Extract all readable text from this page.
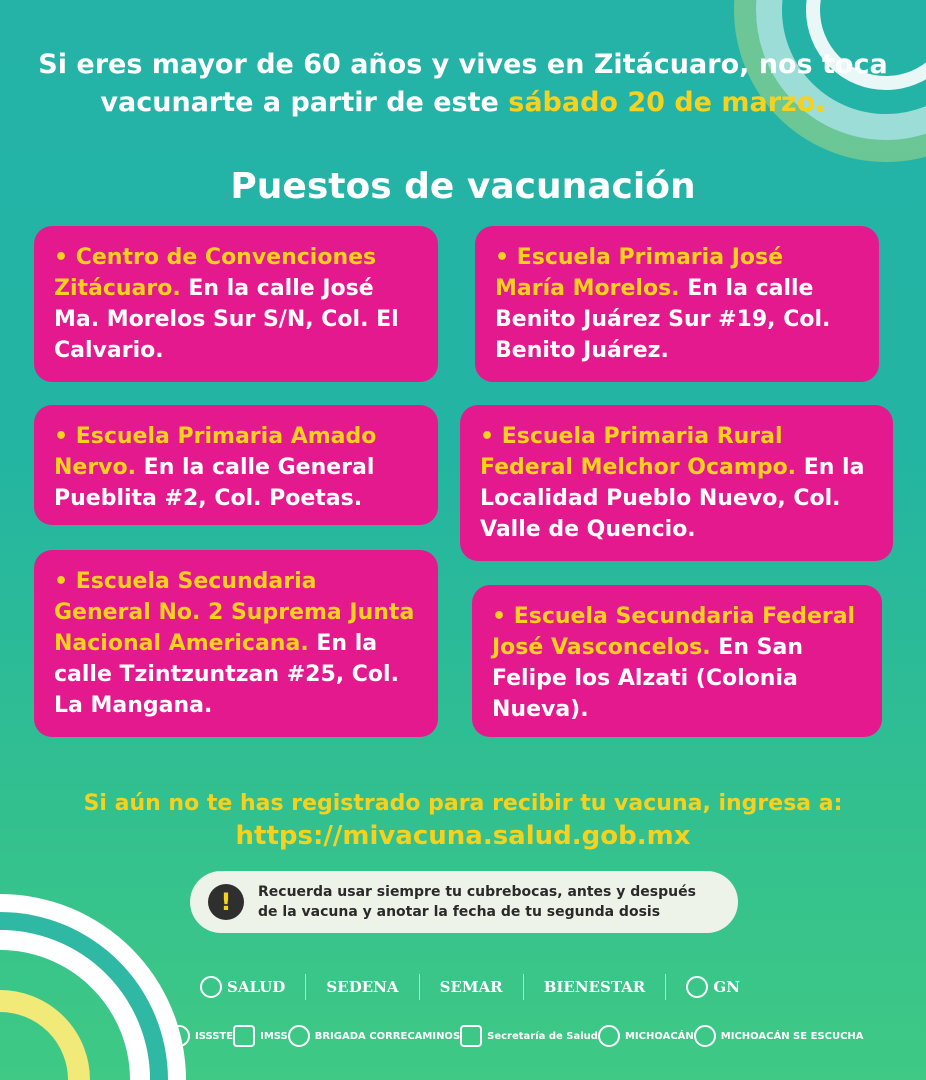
Si eres mayor de 60 años y vives en Zitácuaro, nos toca vacunarte a partir de este sábado 20 de marzo.
Puestos de vacunación
• Centro de Convenciones Zitácuaro. En la calle José Ma. Morelos Sur S/N, Col. El Calvario.
• Escuela Primaria José María Morelos. En la calle Benito Juárez Sur #19, Col. Benito Juárez.
• Escuela Primaria Amado Nervo. En la calle General Pueblita #2, Col. Poetas.
• Escuela Primaria Rural Federal Melchor Ocampo. En la Localidad Pueblo Nuevo, Col. Valle de Quencio.
• Escuela Secundaria General No. 2 Suprema Junta Nacional Americana. En la calle Tzintzuntzan #25, Col. La Mangana.
• Escuela Secundaria Federal José Vasconcelos. En San Felipe los Alzati (Colonia Nueva).
Si aún no te has registrado para recibir tu vacuna, ingresa a:
https://mivacuna.salud.gob.mx
!	Recuerda usar siempre tu cubrebocas, antes y después
de la vacuna y anotar la fecha de tu segunda dosis
SALUD	SEDENA	SEMAR	BIENESTAR	GN
ISSSTE	IMSS	BRIGADA CORRECAMINOS	Secretaría de Salud	MICHOACÁN	MICHOACÁN SE ESCUCHA
